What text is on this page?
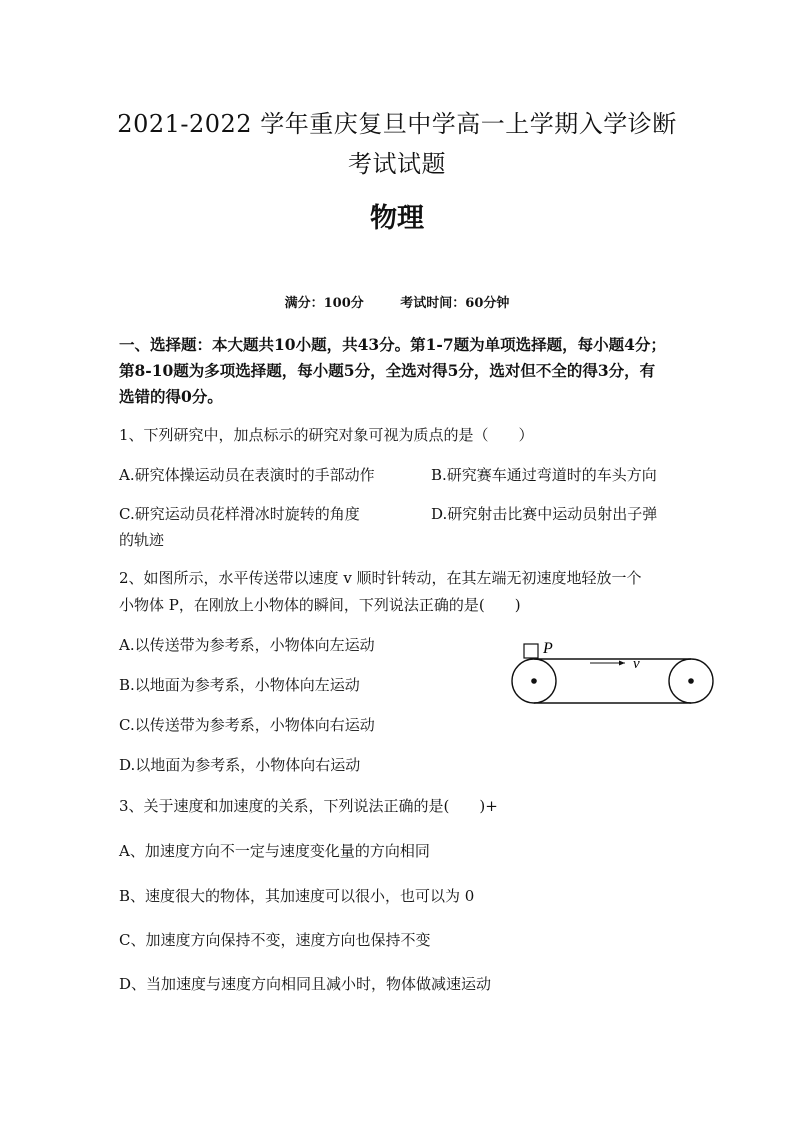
2021-2022 学年重庆复旦中学高一上学期入学诊断
考试试题
物理
满分：100分	考试时间：60分钟
一、选择题：本大题共10小题，共43分。第1-7题为单项选择题，每小题4分；
第8-10题为多项选择题，每小题5分，全选对得5分，选对但不全的得3分，有
选错的得0分。
1、下列研究中，加点标示的研究对象可视为质点的是（　　）
A.研究体操运动员在表演时的手部动作	B.研究赛车通过弯道时的车头方向
C.研究运动员花样滑冰时旋转的角度	D.研究射击比赛中运动员射出子弹
的轨迹
2、如图所示，水平传送带以速度 v 顺时针转动，在其左端无初速度地轻放一个
小物体 P，在刚放上小物体的瞬间，下列说法正确的是(　　)
A.以传送带为参考系，小物体向左运动
B.以地面为参考系，小物体向左运动
C.以传送带为参考系，小物体向右运动
D.以地面为参考系，小物体向右运动
P
v
3、关于速度和加速度的关系，下列说法正确的是(　　)+
A、加速度方向不一定与速度变化量的方向相同
B、速度很大的物体，其加速度可以很小，也可以为 0
C、加速度方向保持不变，速度方向也保持不变
D、当加速度与速度方向相同且减小时，物体做减速运动
